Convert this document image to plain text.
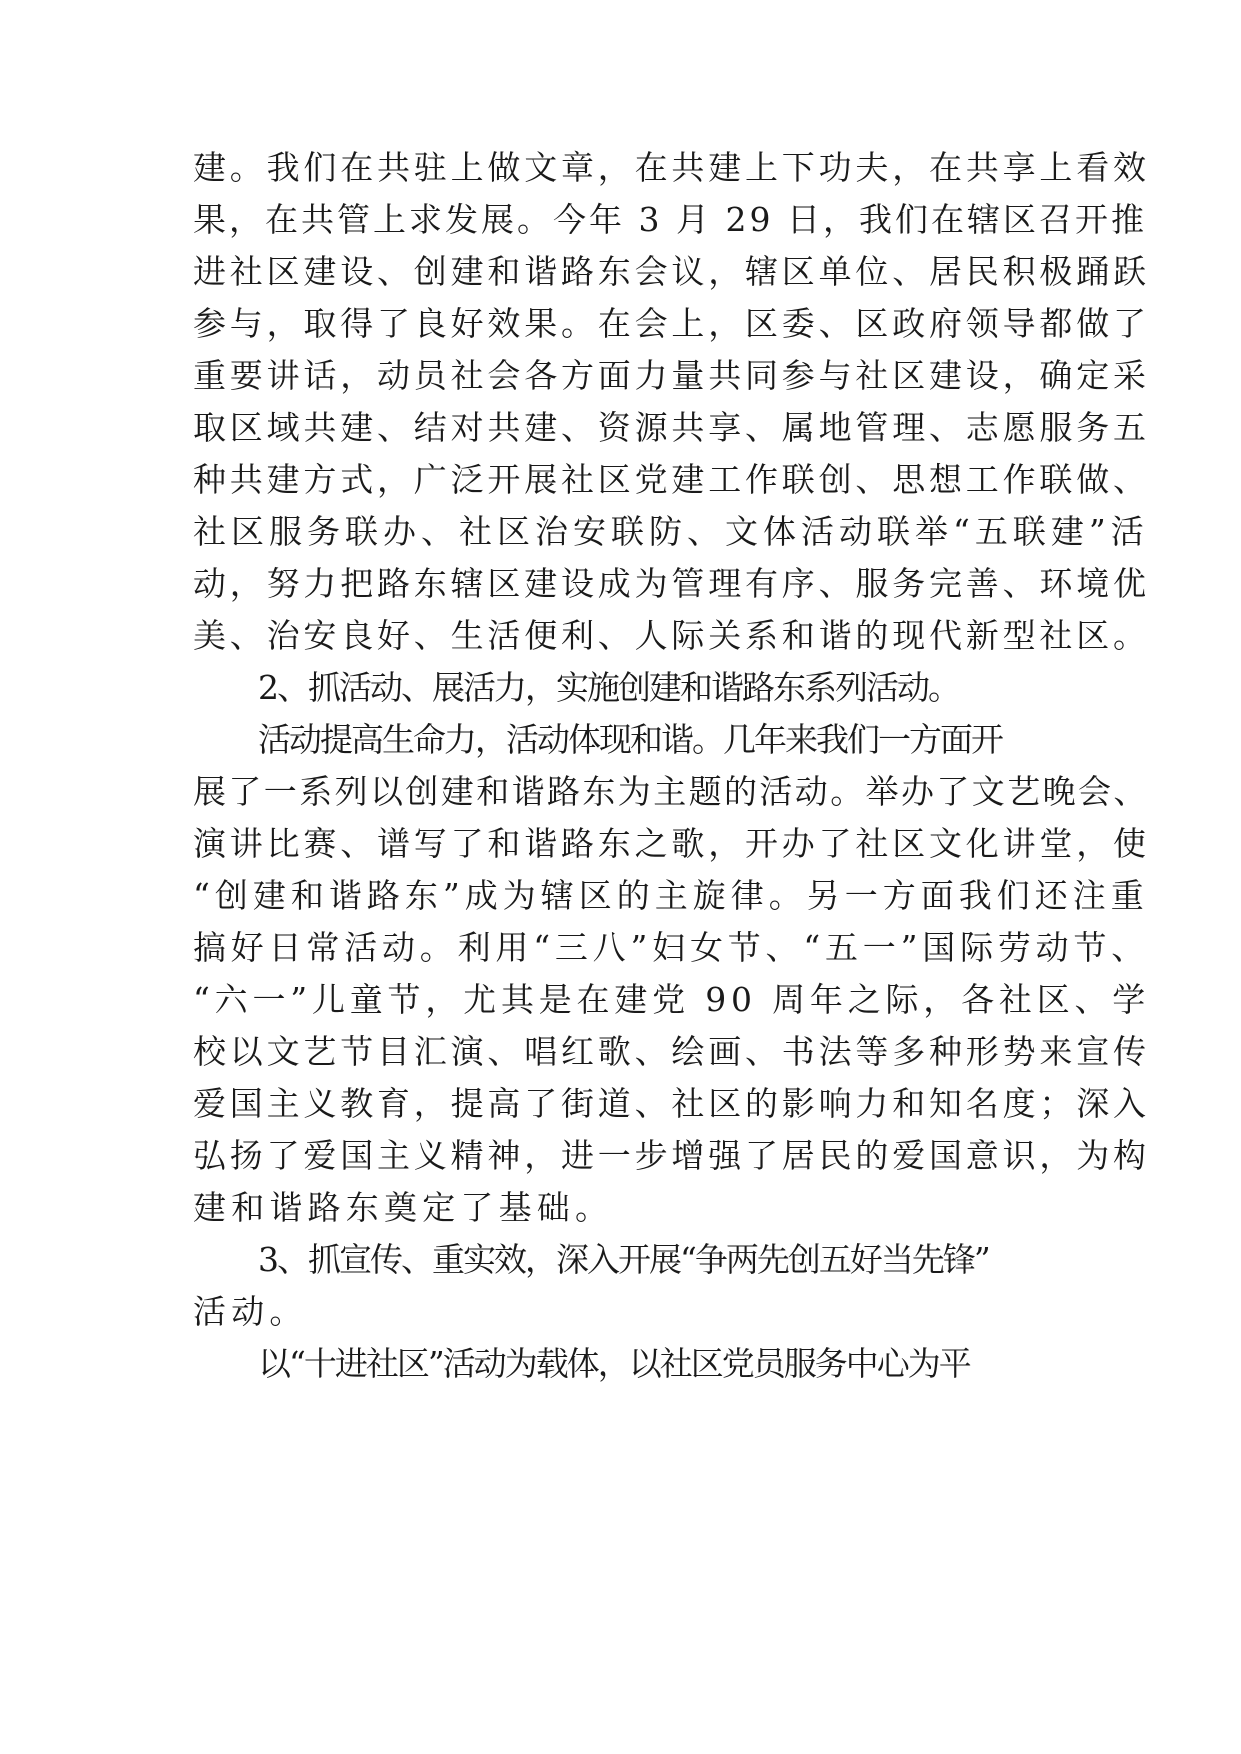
建。我们在共驻上做文章，在共建上下功夫，在共享上看效
果，在共管上求发展。今年 3 月 29 日，我们在辖区召开推
进社区建设、创建和谐路东会议，辖区单位、居民积极踊跃
参与，取得了良好效果。在会上，区委、区政府领导都做了
重要讲话，动员社会各方面力量共同参与社区建设，确定采
取区域共建、结对共建、资源共享、属地管理、志愿服务五
种共建方式，广泛开展社区党建工作联创、思想工作联做、
社区服务联办、社区治安联防、文体活动联举“五联建”活
动，努力把路东辖区建设成为管理有序、服务完善、环境优
美、治安良好、生活便利、人际关系和谐的现代新型社区。
2、抓活动、展活力，实施创建和谐路东系列活动。
活动提高生命力，活动体现和谐。几年来我们一方面开
展了一系列以创建和谐路东为主题的活动。举办了文艺晚会、
演讲比赛、谱写了和谐路东之歌，开办了社区文化讲堂，使
“创建和谐路东”成为辖区的主旋律。另一方面我们还注重
搞好日常活动。利用“三八”妇女节、“五一”国际劳动节、
“六一”儿童节，尤其是在建党 90 周年之际，各社区、学
校以文艺节目汇演、唱红歌、绘画、书法等多种形势来宣传
爱国主义教育，提高了街道、社区的影响力和知名度；深入
弘扬了爱国主义精神，进一步增强了居民的爱国意识，为构
建和谐路东奠定了基础。
3、抓宣传、重实效，深入开展“争两先创五好当先锋”
活动。
以“十进社区”活动为载体，以社区党员服务中心为平
